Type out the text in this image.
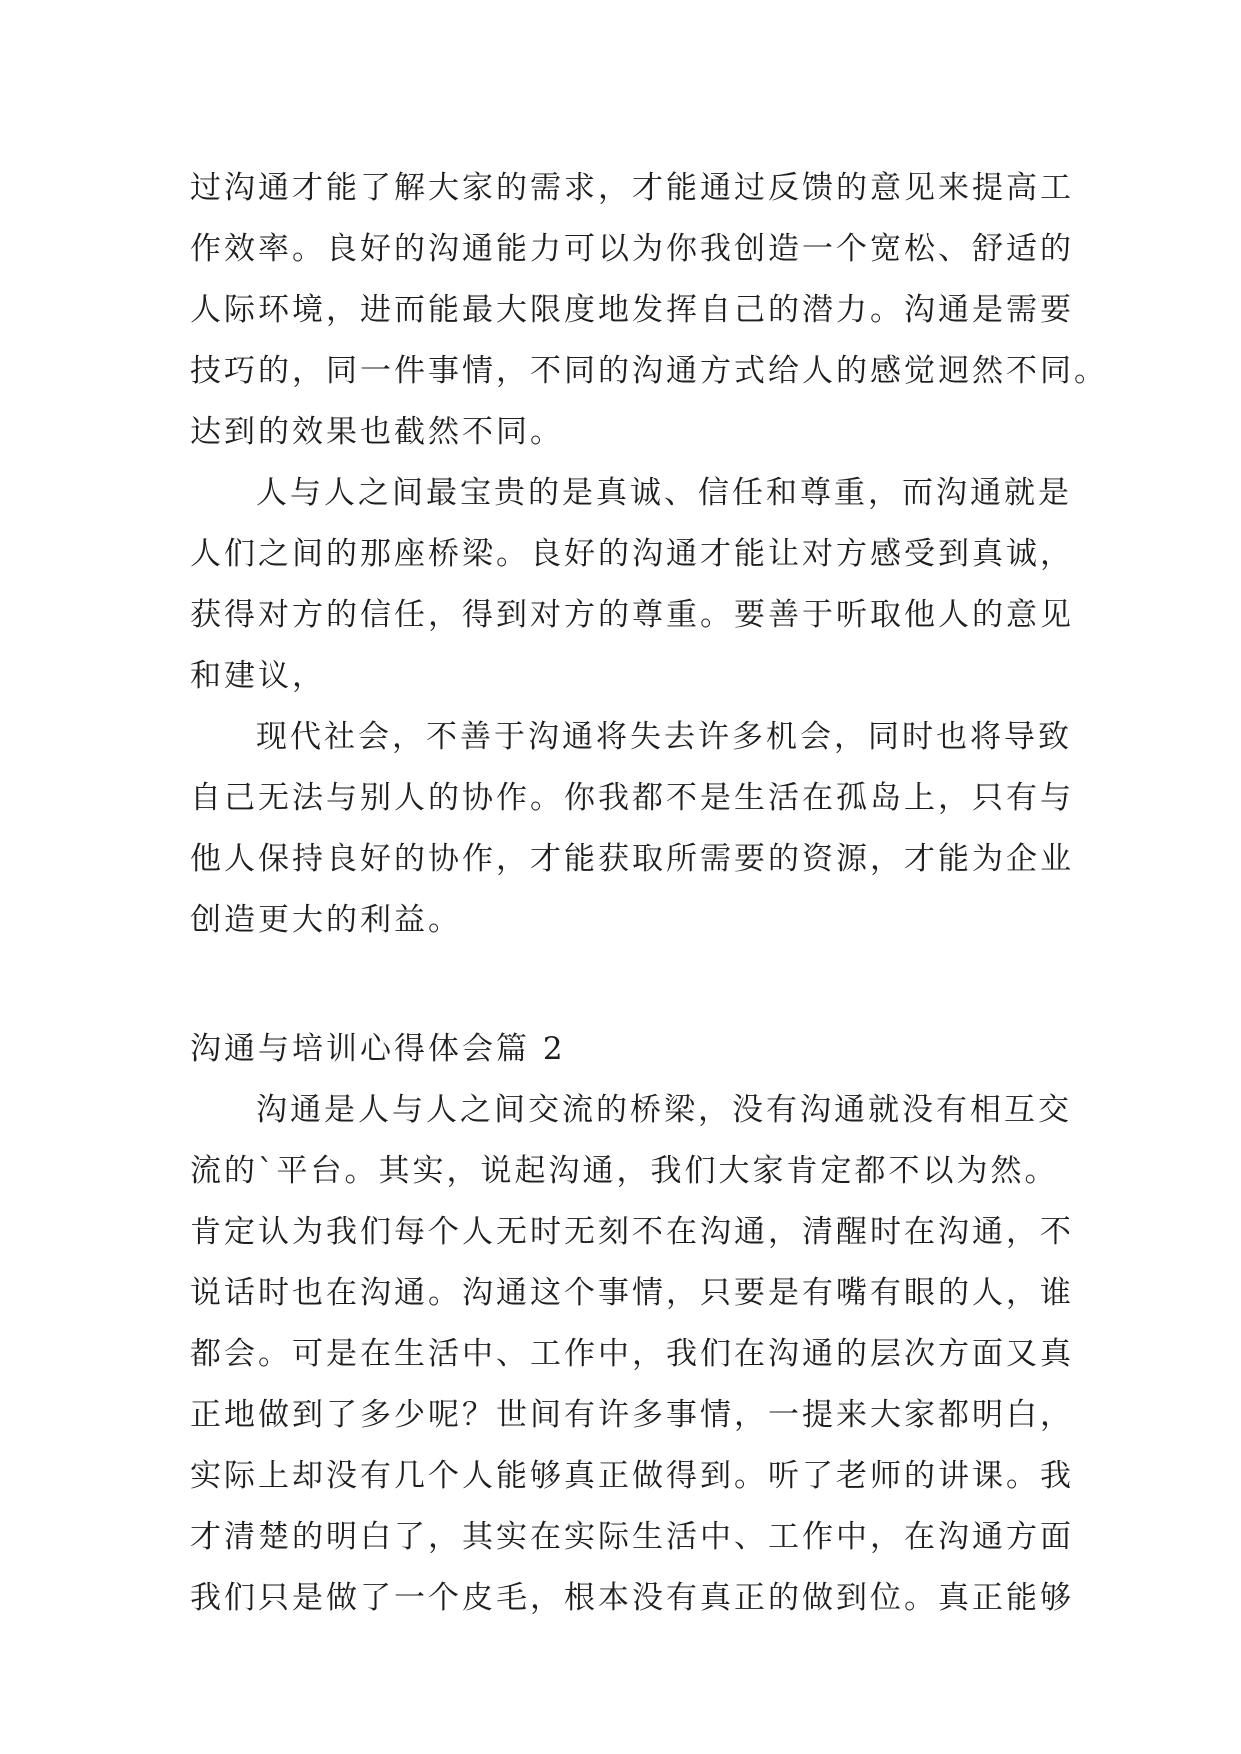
过沟通才能了解大家的需求，才能通过反馈的意见来提高工
作效率。良好的沟通能力可以为你我创造一个宽松、舒适的
人际环境，进而能最大限度地发挥自己的潜力。沟通是需要
技巧的，同一件事情，不同的沟通方式给人的感觉迥然不同。
达到的效果也截然不同。

人与人之间最宝贵的是真诚、信任和尊重，而沟通就是
人们之间的那座桥梁。良好的沟通才能让对方感受到真诚，
获得对方的信任，得到对方的尊重。要善于听取他人的意见
和建议，

现代社会，不善于沟通将失去许多机会，同时也将导致
自己无法与别人的协作。你我都不是生活在孤岛上，只有与
他人保持良好的协作，才能获取所需要的资源，才能为企业
创造更大的利益。

沟通与培训心得体会篇 2

沟通是人与人之间交流的桥梁，没有沟通就没有相互交
流的`平台。其实，说起沟通，我们大家肯定都不以为然。
肯定认为我们每个人无时无刻不在沟通，清醒时在沟通，不
说话时也在沟通。沟通这个事情，只要是有嘴有眼的人，谁
都会。可是在生活中、工作中，我们在沟通的层次方面又真
正地做到了多少呢？世间有许多事情，一提来大家都明白，
实际上却没有几个人能够真正做得到。听了老师的讲课。我
才清楚的明白了，其实在实际生活中、工作中，在沟通方面
我们只是做了一个皮毛，根本没有真正的做到位。真正能够
